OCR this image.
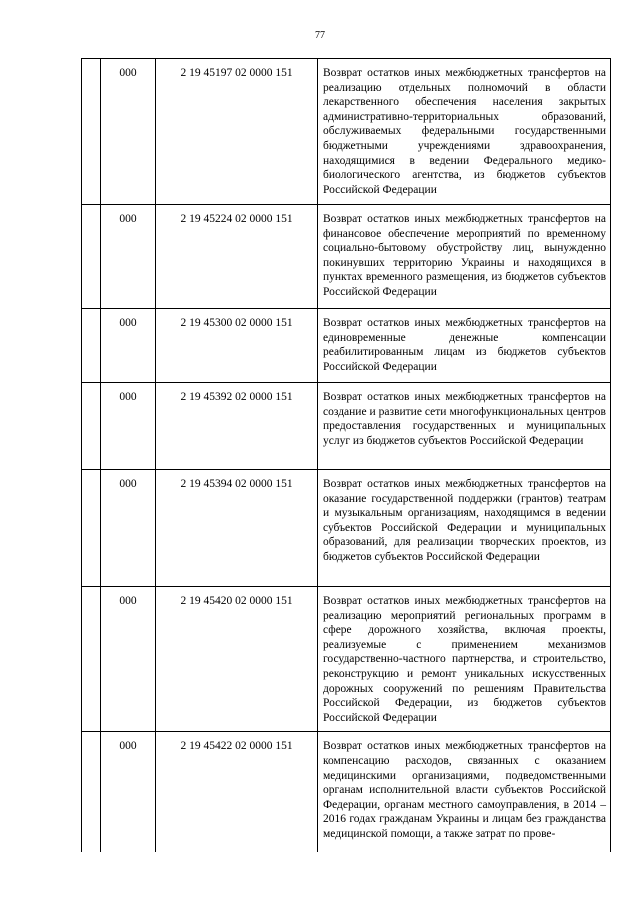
77
	000	2 19 45197 02 0000 151	Возврат остатков иных межбюджетных трансфертов на реализацию отдельных полномочий в области лекарственного обеспечения населения закрытых административно-территориальных образований, обслуживаемых федеральными государственными бюджетными учреждениями здравоохранения, находящимися в ведении Федерального медико-биологического агентства, из бюджетов субъектов Российской Федерации
	000	2 19 45224 02 0000 151	Возврат остатков иных межбюджетных трансфертов на финансовое обеспечение мероприятий по временному социально-бытовому обустройству лиц, вынужденно покинувших территорию Украины и находящихся в пунктах временного размещения, из бюджетов субъектов Российской Федерации
	000	2 19 45300 02 0000 151	Возврат остатков иных межбюджетных трансфертов на единовременные денежные компенсации реабилитированным лицам из бюджетов субъектов Российской Федерации
	000	2 19 45392 02 0000 151	Возврат остатков иных межбюджетных трансфертов на создание и развитие сети многофункциональных центров предоставления государственных и муниципальных услуг из бюджетов субъектов Российской Федерации
	000	2 19 45394 02 0000 151	Возврат остатков иных межбюджетных трансфертов на оказание государственной поддержки (грантов) театрам и музыкальным организациям, находящимся в ведении субъектов Российской Федерации и муниципальных образований, для реализации творческих проектов, из бюджетов субъектов Российской Федерации
	000	2 19 45420 02 0000 151	Возврат остатков иных межбюджетных трансфертов на реализацию мероприятий региональных программ в сфере дорожного хозяйства, включая проекты, реализуемые с применением механизмов государственно-частного партнерства, и строительство, реконструкцию и ремонт уникальных искусственных дорожных сооружений по решениям Правительства Российской Федерации, из бюджетов субъектов Российской Федерации
	000	2 19 45422 02 0000 151	Возврат остатков иных межбюджетных трансфертов на компенсацию расходов, связанных с оказанием медицинскими организациями, подведомственными органам исполнительной власти субъектов Российской Федерации, органам местного самоуправления, в 2014 – 2016 годах гражданам Украины и лицам без гражданства медицинской помощи, а также затрат по прове-
